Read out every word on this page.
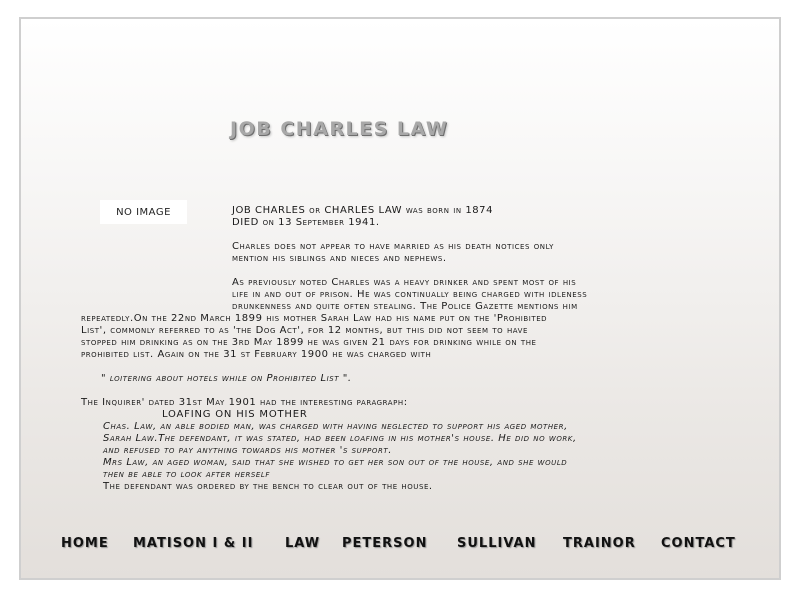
JOB CHARLES LAW
NO IMAGE	JOB CHARLES or CHARLES LAW was born in 1874
DIED on 13 September 1941.
Charles does not appear to have married as his death notices only
mention his siblings and nieces and nephews.
As previously noted Charles was a heavy drinker and spent most of his
life in and out of prison. He was continually being charged with idleness
drunkenness and quite often stealing. The Police Gazette mentions him
repeatedly.On the 22nd March 1899 his mother Sarah Law had his name put on the 'Prohibited
List', commonly referred to as 'the Dog Act', for 12 months, but this did not seem to have
stopped him drinking as on the 3rd May 1899 he was given 21 days for drinking while on the
prohibited list. Again on the 31 st February 1900 he was charged with
" loitering about hotels while on Prohibited List ".
The Inquirer' dated 31st May 1901 had the interesting paragraph:
LOAFING ON HIS MOTHER
Chas. Law, an able bodied man, was charged with having neglected to support his aged mother,
Sarah Law.The defendant, it was stated, had been loafing in his mother's house. He did no work,
and refused to pay anything towards his mother 's support.
Mrs Law, an aged woman, said that she wished to get her son out of the house, and she would
then be able to look after herself
The defendant was ordered by the bench to clear out of the house.
HOME MATISON I & II LAW PETERSON SULLIVAN TRAINOR CONTACT
